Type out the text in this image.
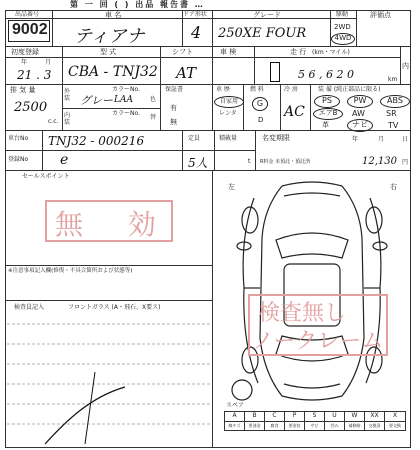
第 一 回 ( ) 出品 報告書 …
出品番号
9002
車 名
ティアナ
ドア形状
4
グレード
250XE FOUR
駆動
2WD
4WD
評価点
初度登録
年	月
21 . 3
型 式
CBA - TNJ32
シフト
AT
車 検	走 行 (km・マイル)
5 6 , 6 2 0	km
内
排 気 量
2500
c.c.
外装 グレー
カラーNo.
LAA
内装
カラーNo.
色
替
保証書
有
無
車 歴
自家用
レンタ
燃 料
G
D
冷 房
AC
装 備 (純正部品に限る)
PS	PW	ABS
エアB	AW	SR
革	ナビ	TV
車台No TNJ32 - 000216	定員
5人
積載量
t
名変期限	年	月	日
R料金 未預託・預託済	12,130 円
登録No e
セールスポイント
無 効
※注意事項記入欄(修復・不具合箇所および状態等)
検査員記入	フロントガラス (A・飛石、X要ス)
左	右
検査無し
ノークレーム
スペア
A	B	C	P	S	U	W	XX	X
線キズ	要部金	腐食	要塗装	サビ	凹み	補修跡	交換済	要交換
